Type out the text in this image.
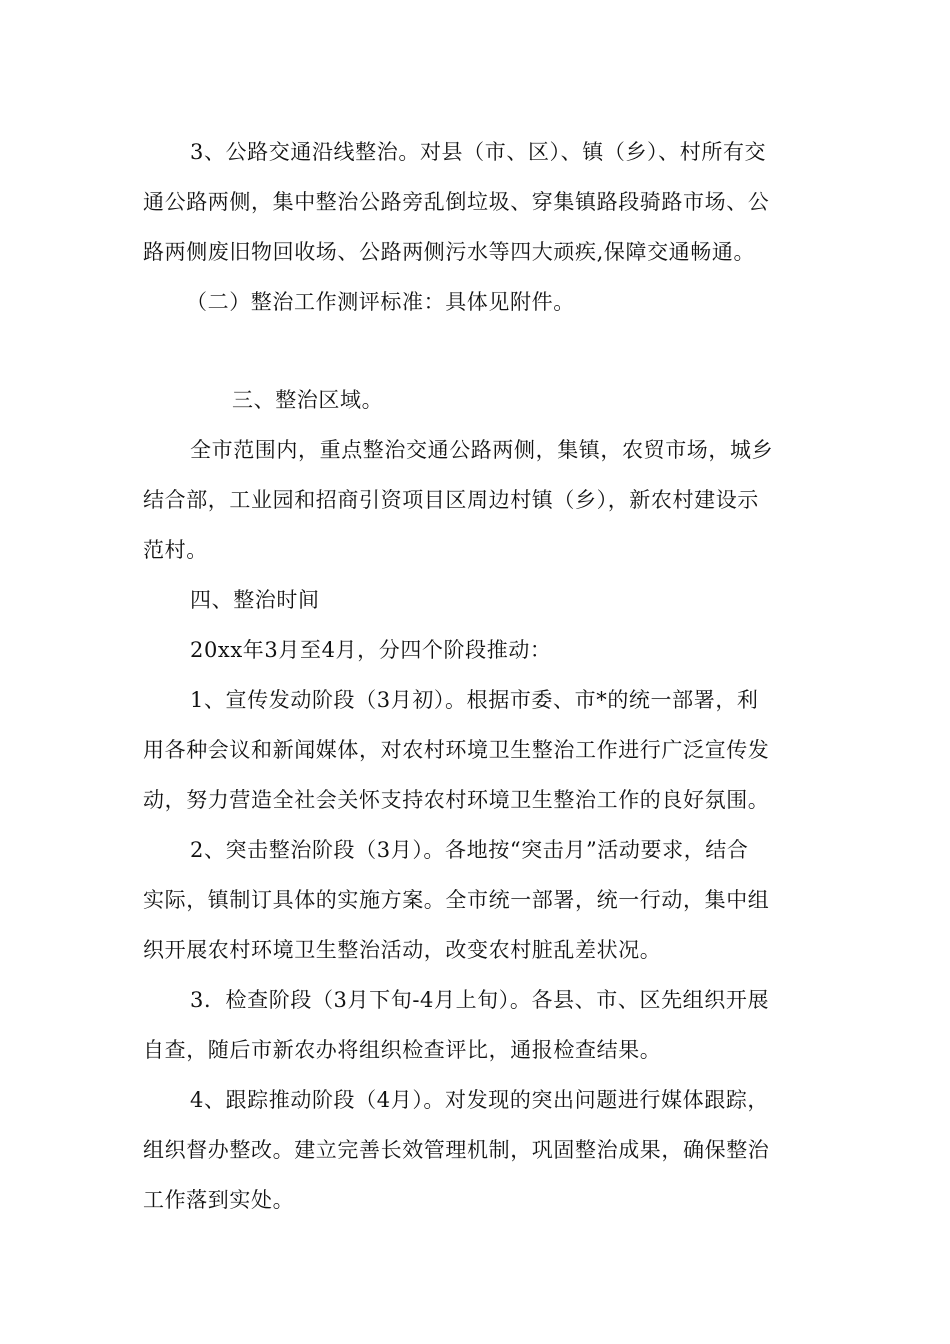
3、公路交通沿线整治。对县（市、区）、镇（乡）、村所有交
通公路两侧，集中整治公路旁乱倒垃圾、穿集镇路段骑路市场、公
路两侧废旧物回收场、公路两侧污水等四大顽疾,保障交通畅通。
（二）整治工作测评标准：具体见附件。
三、整治区域。
全市范围内，重点整治交通公路两侧，集镇，农贸市场，城乡
结合部，工业园和招商引资项目区周边村镇（乡），新农村建设示
范村。
四、整治时间
20xx年3月至4月，分四个阶段推动：
1、宣传发动阶段（3月初）。根据市委、市*的统一部署，利
用各种会议和新闻媒体，对农村环境卫生整治工作进行广泛宣传发
动，努力营造全社会关怀支持农村环境卫生整治工作的良好氛围。
2、突击整治阶段（3月）。各地按“突击月”活动要求，结合
实际，镇制订具体的实施方案。全市统一部署，统一行动，集中组
织开展农村环境卫生整治活动，改变农村脏乱差状况。
3．检查阶段（3月下旬-4月上旬）。各县、市、区先组织开展
自查，随后市新农办将组织检查评比，通报检查结果。
4、跟踪推动阶段（4月）。对发现的突出问题进行媒体跟踪，
组织督办整改。建立完善长效管理机制，巩固整治成果，确保整治
工作落到实处。
